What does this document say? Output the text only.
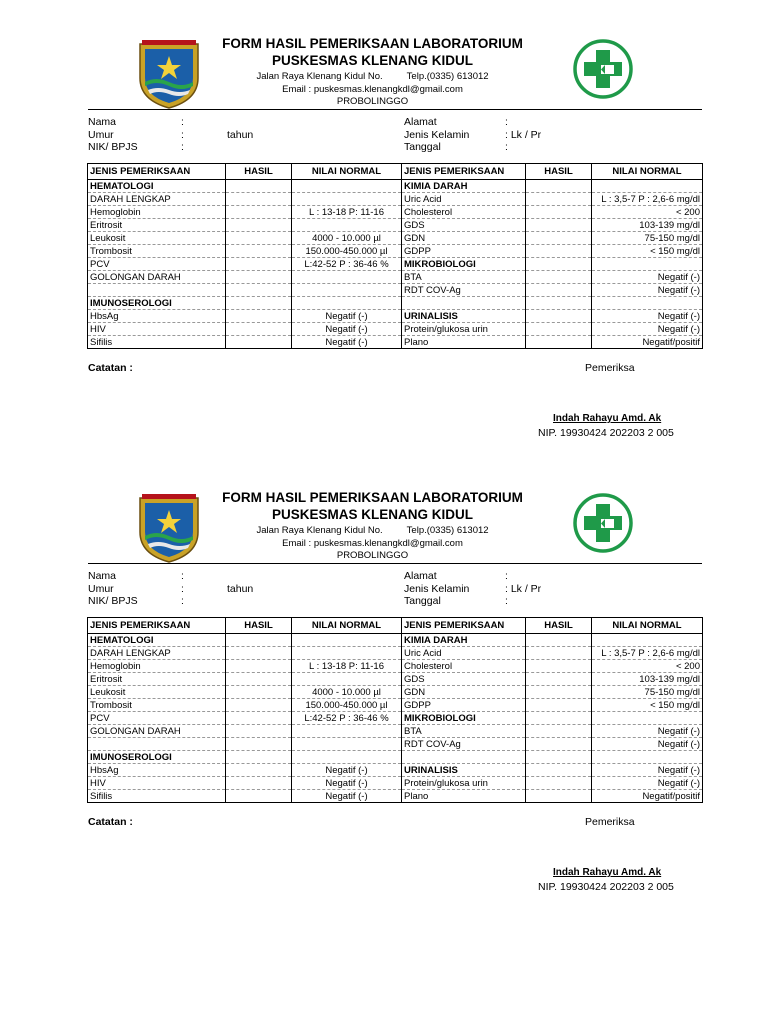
FORM HASIL PEMERIKSAAN LABORATORIUM
PUSKESMAS KLENANG KIDUL
Jalan Raya Klenang Kidul No.	Telp.(0335) 613012
Email : puskesmas.klenangkdl@gmail.com
PROBOLINGGO
Nama	:
Umur	:	tahun
NIK/ BPJS	:
Alamat	:
Jenis Kelamin	: Lk / Pr
Tanggal	:
JENIS PEMERIKSAAN	HASIL	NILAI NORMAL	JENIS PEMERIKSAAN	HASIL	NILAI NORMAL
HEMATOLOGI			KIMIA DARAH		
DARAH LENGKAP			Uric Acid		L : 3,5-7 P : 2,6-6 mg/dl
Hemoglobin		L : 13-18 P: 11-16	Cholesterol		< 200
Eritrosit			GDS		103-139 mg/dl
Leukosit		4000 - 10.000 µl	GDN		75-150 mg/dl
Trombosit		150.000-450.000 µl	GDPP		< 150 mg/dl
PCV		L:42-52 P : 36-46 %	MIKROBIOLOGI		
GOLONGAN DARAH			BTA		Negatif (-)
			RDT COV-Ag		Negatif (-)
IMUNOSEROLOGI					
HbsAg		Negatif (-)	URINALISIS		Negatif (-)
HIV		Negatif (-)	Protein/glukosa urin		Negatif (-)
Sifilis		Negatif (-)	Plano		Negatif/positif
Catatan :	Pemeriksa
Indah Rahayu Amd. Ak
NIP. 19930424 202203 2 005
FORM HASIL PEMERIKSAAN LABORATORIUM
PUSKESMAS KLENANG KIDUL
Jalan Raya Klenang Kidul No.	Telp.(0335) 613012
Email : puskesmas.klenangkdl@gmail.com
PROBOLINGGO
Nama	:
Umur	:	tahun
NIK/ BPJS	:
Alamat	:
Jenis Kelamin	: Lk / Pr
Tanggal	:
JENIS PEMERIKSAAN	HASIL	NILAI NORMAL	JENIS PEMERIKSAAN	HASIL	NILAI NORMAL
HEMATOLOGI			KIMIA DARAH		
DARAH LENGKAP			Uric Acid		L : 3,5-7 P : 2,6-6 mg/dl
Hemoglobin		L : 13-18 P: 11-16	Cholesterol		< 200
Eritrosit			GDS		103-139 mg/dl
Leukosit		4000 - 10.000 µl	GDN		75-150 mg/dl
Trombosit		150.000-450.000 µl	GDPP		< 150 mg/dl
PCV		L:42-52 P : 36-46 %	MIKROBIOLOGI		
GOLONGAN DARAH			BTA		Negatif (-)
			RDT COV-Ag		Negatif (-)
IMUNOSEROLOGI					
HbsAg		Negatif (-)	URINALISIS		Negatif (-)
HIV		Negatif (-)	Protein/glukosa urin		Negatif (-)
Sifilis		Negatif (-)	Plano		Negatif/positif
Catatan :	Pemeriksa
Indah Rahayu Amd. Ak
NIP. 19930424 202203 2 005
